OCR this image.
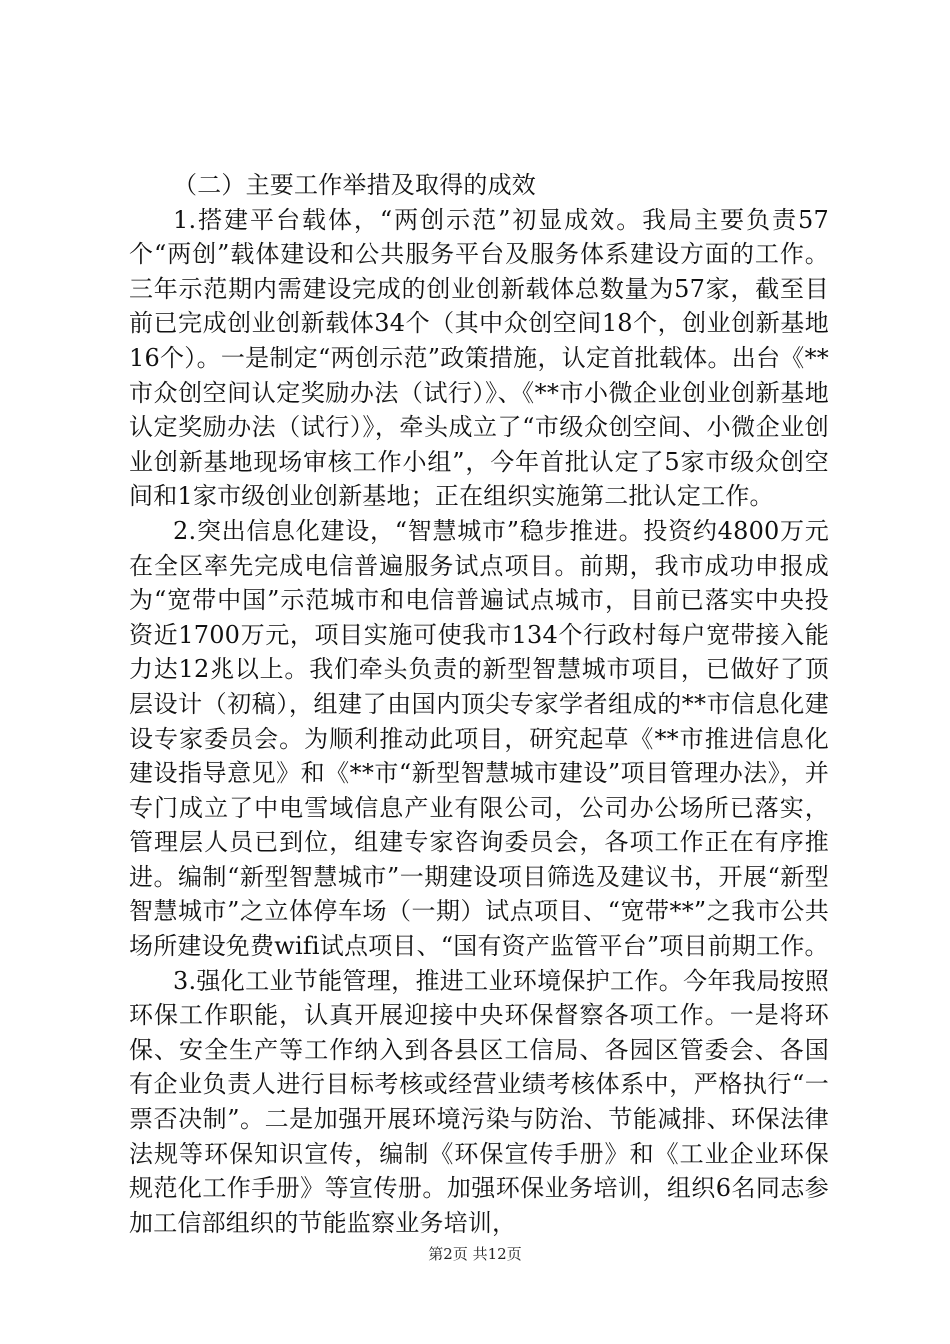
（二）主要工作举措及取得的成效

1.搭建平台载体，“两创示范”初显成效。我局主要负责57个“两创”载体建设和公共服务平台及服务体系建设方面的工作。三年示范期内需建设完成的创业创新载体总数量为57家，截至目前已完成创业创新载体34个（其中众创空间18个，创业创新基地16个）。一是制定“两创示范”政策措施，认定首批载体。出台《**市众创空间认定奖励办法（试行）》、《**市小微企业创业创新基地认定奖励办法（试行）》，牵头成立了“市级众创空间、小微企业创业创新基地现场审核工作小组”，今年首批认定了5家市级众创空间和1家市级创业创新基地；正在组织实施第二批认定工作。

2.突出信息化建设，“智慧城市”稳步推进。投资约4800万元在全区率先完成电信普遍服务试点项目。前期，我市成功申报成为“宽带中国”示范城市和电信普遍试点城市，目前已落实中央投资近1700万元，项目实施可使我市134个行政村每户宽带接入能力达12兆以上。我们牵头负责的新型智慧城市项目，已做好了顶层设计（初稿），组建了由国内顶尖专家学者组成的**市信息化建设专家委员会。为顺利推动此项目，研究起草《**市推进信息化建设指导意见》和《**市“新型智慧城市建设”项目管理办法》，并专门成立了中电雪域信息产业有限公司，公司办公场所已落实，管理层人员已到位，组建专家咨询委员会，各项工作正在有序推进。编制“新型智慧城市”一期建设项目筛选及建议书，开展“新型智慧城市”之立体停车场（一期）试点项目、“宽带**”之我市公共场所建设免费wifi试点项目、“国有资产监管平台”项目前期工作。

3.强化工业节能管理，推进工业环境保护工作。今年我局按照环保工作职能，认真开展迎接中央环保督察各项工作。一是将环保、安全生产等工作纳入到各县区工信局、各园区管委会、各国有企业负责人进行目标考核或经营业绩考核体系中，严格执行“一票否决制”。二是加强开展环境污染与防治、节能减排、环保法律法规等环保知识宣传，编制《环保宣传手册》和《工业企业环保规范化工作手册》等宣传册。加强环保业务培训，组织6名同志参加工信部组织的节能监察业务培训，

第2页 共12页
